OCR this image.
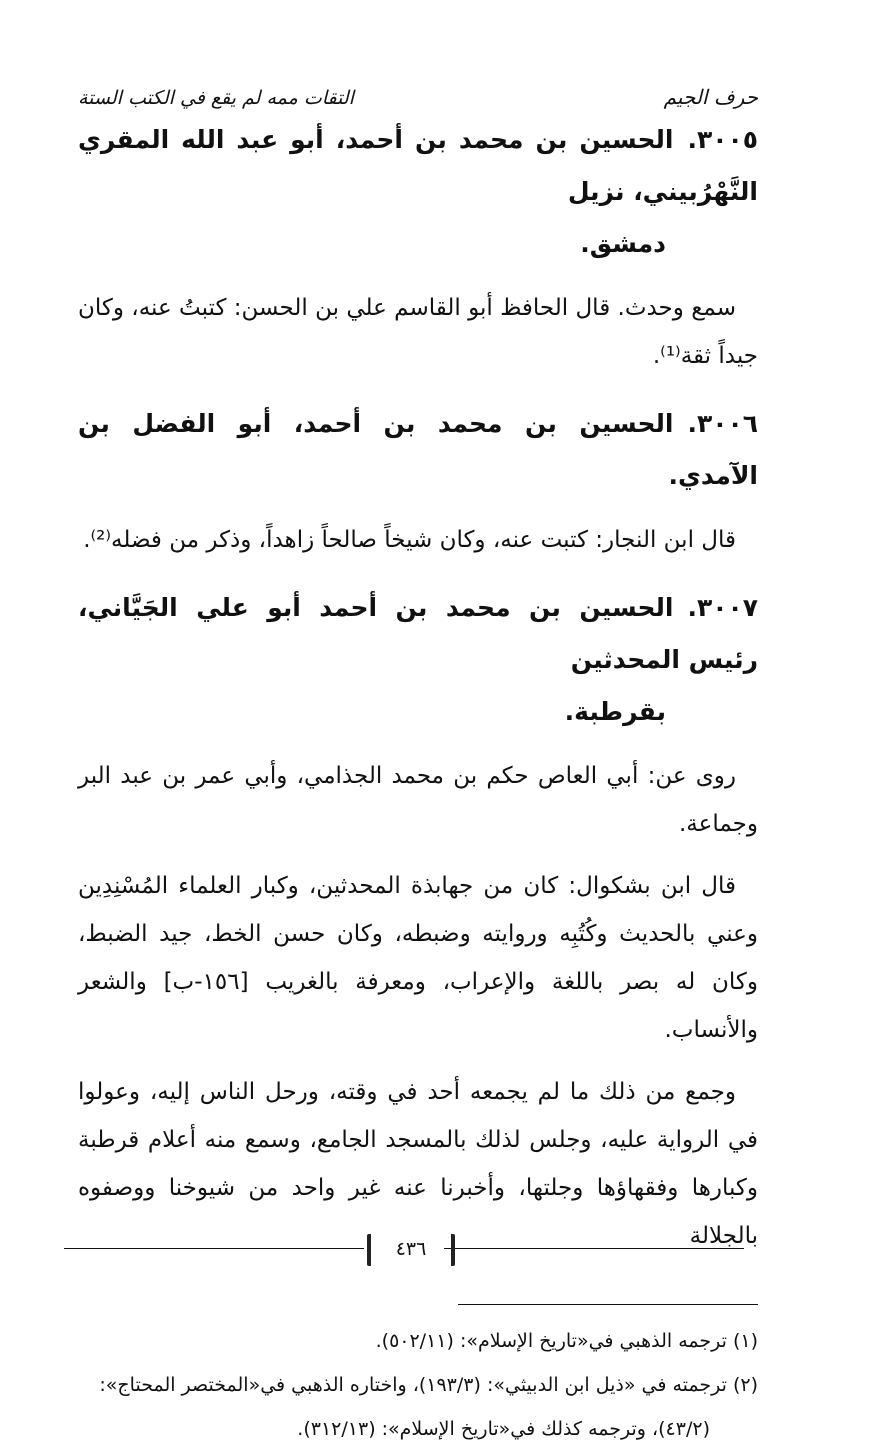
حرف الجيم
التقات ممه لم يقع في الكتب الستة

٣٠٠٥.الحسين بن محمد بن أحمد، أبو عبد الله المقري النَّهْرُبيني، نزيل

دمشق.

سمع وحدث. قال الحافظ أبو القاسم علي بن الحسن: كتبتُ عنه، وكان جيداً ثقة⁽¹⁾.

٣٠٠٦.الحسين بن محمد بن أحمد، أبو الفضل بن الآمدي.

قال ابن النجار: كتبت عنه، وكان شيخاً صالحاً زاهداً، وذكر من فضله⁽²⁾.

٣٠٠٧.الحسين بن محمد بن أحمد أبو علي الجَيَّاني، رئيس المحدثين

بقرطبة.

روى عن: أبي العاص حكم بن محمد الجذامي، وأبي عمر بن عبد البر وجماعة.

قال ابن بشكوال: كان من جهابذة المحدثين، وكبار العلماء المُسْنِدِين وعني بالحديث وكُتُبِه وروايته وضبطه، وكان حسن الخط، جيد الضبط، وكان له بصر باللغة والإعراب، ومعرفة بالغريب [١٥٦-ب] والشعر والأنساب.

وجمع من ذلك ما لم يجمعه أحد في وقته، ورحل الناس إليه، وعولوا في الرواية عليه، وجلس لذلك بالمسجد الجامع، وسمع منه أعلام قرطبة وكبارها وفقهاؤها وجلتها، وأخبرنا عنه غير واحد من شيوخنا ووصفوه بالجلالة

(١) ترجمه الذهبي في«تاريخ الإسلام»: (٥٠٢/١١).

(٢) ترجمته في «ذيل ابن الدبيثي»: (١٩٣/٣)، واختاره الذهبي في«المختصر المحتاج»:
(٤٣/٢)، وترجمه كذلك في«تاريخ الإسلام»: (٣١٢/١٣).

٤٣٦
